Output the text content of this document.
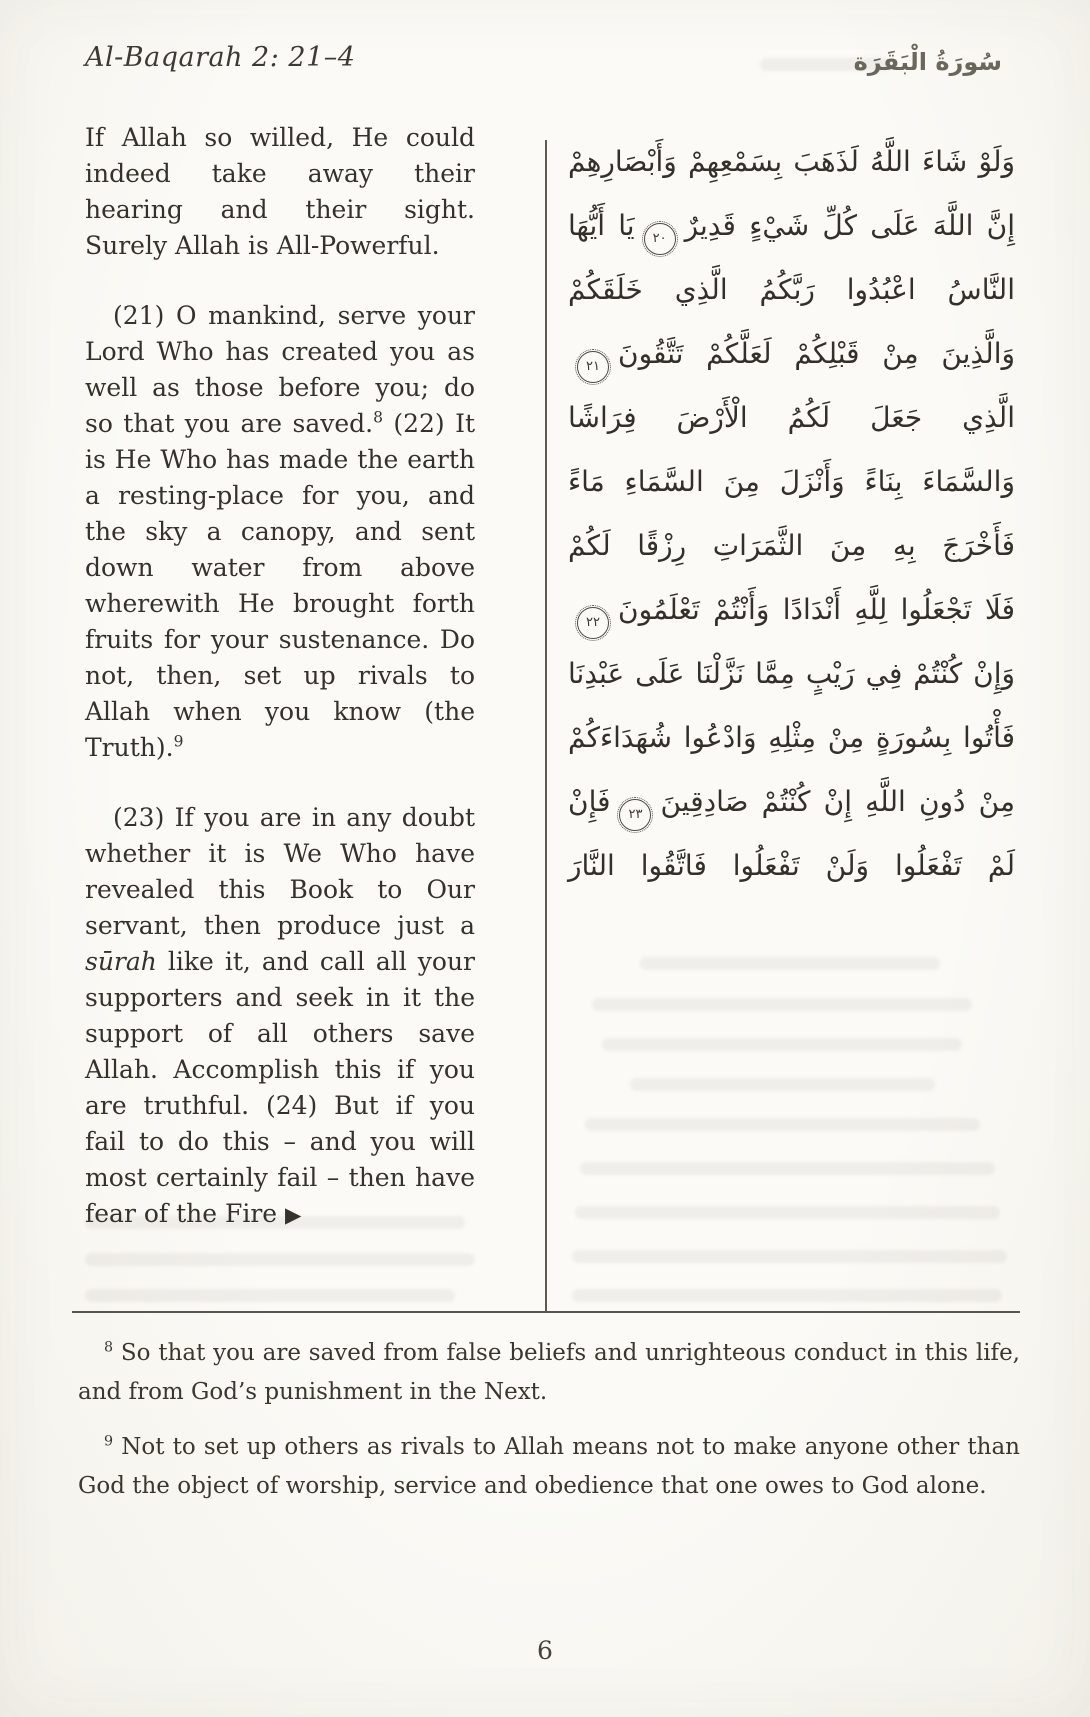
Al-Baqarah 2: 21–4	سُورَةُ الْبَقَرَة

If Allah so willed, He could indeed take away their hearing and their sight. Surely Allah is All-Powerful.

(21) O mankind, serve your Lord Who has created you as well as those before you; do so that you are saved.$^8$ (22) It is He Who has made the earth a resting-place for you, and the sky a canopy, and sent down water from above wherewith He brought forth fruits for your sustenance. Do not, then, set up rivals to Allah when you know (the Truth).$^9$

(23) If you are in any doubt whether it is We Who have revealed this Book to Our servant, then produce just a sūrah like it, and call all your supporters and seek in it the support of all others save Allah. Accomplish this if you are truthful. (24) But if you fail to do this – and you will most certainly fail – then have fear of the Fire ▶

وَلَوْ شَاءَ اللَّهُ لَذَهَبَ بِسَمْعِهِمْ وَأَبْصَارِهِمْ
إِنَّ اللَّهَ عَلَى كُلِّ شَيْءٍ قَدِيرٌ٢٠يَا أَيُّهَا
النَّاسُ اعْبُدُوا رَبَّكُمُ الَّذِي خَلَقَكُمْ
وَالَّذِينَ مِنْ قَبْلِكُمْ لَعَلَّكُمْ تَتَّقُونَ٢١
الَّذِي جَعَلَ لَكُمُ الْأَرْضَ فِرَاشًا
وَالسَّمَاءَ بِنَاءً وَأَنْزَلَ مِنَ السَّمَاءِ مَاءً
فَأَخْرَجَ بِهِ مِنَ الثَّمَرَاتِ رِزْقًا لَكُمْ
فَلَا تَجْعَلُوا لِلَّهِ أَنْدَادًا وَأَنْتُمْ تَعْلَمُونَ٢٢
وَإِنْ كُنْتُمْ فِي رَيْبٍ مِمَّا نَزَّلْنَا عَلَى عَبْدِنَا
فَأْتُوا بِسُورَةٍ مِنْ مِثْلِهِ وَادْعُوا شُهَدَاءَكُمْ
مِنْ دُونِ اللَّهِ إِنْ كُنْتُمْ صَادِقِينَ٢٣فَإِنْ
لَمْ تَفْعَلُوا وَلَنْ تَفْعَلُوا فَاتَّقُوا النَّارَ

$^8$ So that you are saved from false beliefs and unrighteous conduct in this life, and from God’s punishment in the Next.

$^9$ Not to set up others as rivals to Allah means not to make anyone other than God the object of worship, service and obedience that one owes to God alone.

6
